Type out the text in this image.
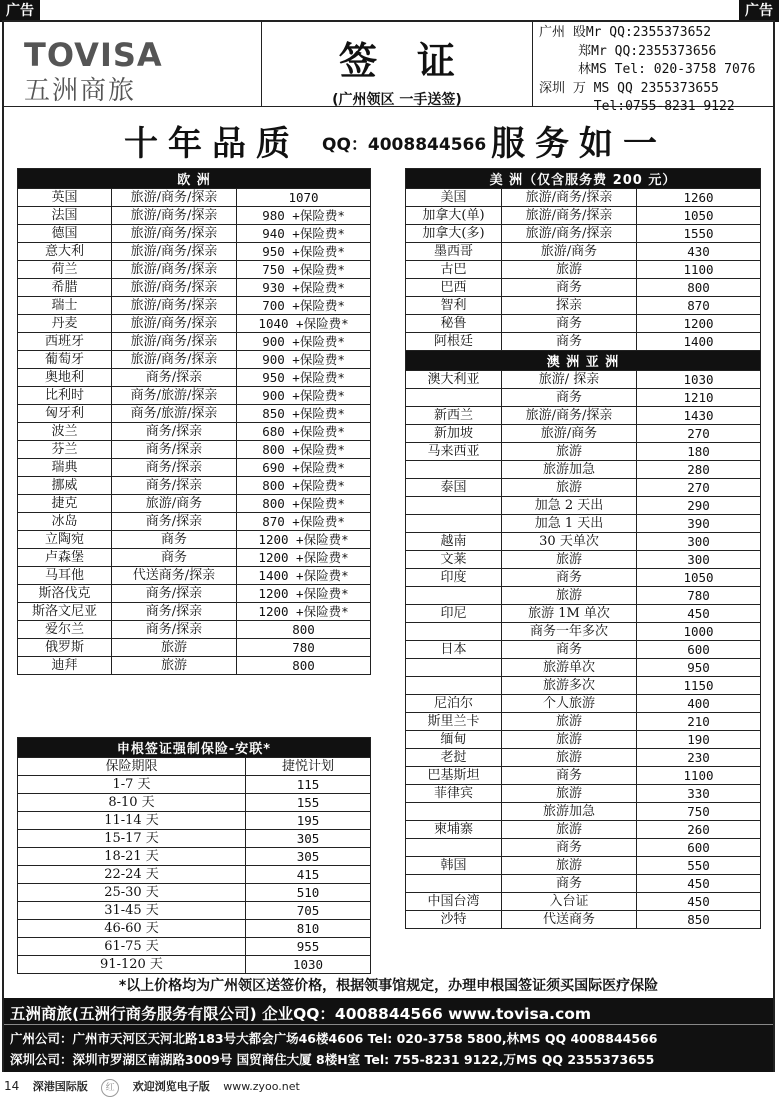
广告	广告
TOVISA
五洲商旅
签证
(广州领区 一手送签)
广州 殴Mr QQ:2355373652
郑Mr QQ:2355373656
林MS Tel: 020-3758 7076
深圳 万 MS QQ 2355373655
Tel:0755-8231 9122
十年品质 QQ：4008844566 服务如一
欧 洲		
英国	旅游/商务/探亲	1070
法国	旅游/商务/探亲	980 +保险费*
德国	旅游/商务/探亲	940 +保险费*
意大利	旅游/商务/探亲	950 +保险费*
荷兰	旅游/商务/探亲	750 +保险费*
希腊	旅游/商务/探亲	930 +保险费*
瑞士	旅游/商务/探亲	700 +保险费*
丹麦	旅游/商务/探亲	1040 +保险费*
西班牙	旅游/商务/探亲	900 +保险费*
葡萄牙	旅游/商务/探亲	900 +保险费*
奥地利	商务/探亲	950 +保险费*
比利时	商务/旅游/探亲	900 +保险费*
匈牙利	商务/旅游/探亲	850 +保险费*
波兰	商务/探亲	680 +保险费*
芬兰	商务/探亲	800 +保险费*
瑞典	商务/探亲	690 +保险费*
挪威	商务/探亲	800 +保险费*
捷克	旅游/商务	800 +保险费*
冰岛	商务/探亲	870 +保险费*
立陶宛	商务	1200 +保险费*
卢森堡	商务	1200 +保险费*
马耳他	代送商务/探亲	1400 +保险费*
斯洛伐克	商务/探亲	1200 +保险费*
斯洛文尼亚	商务/探亲	1200 +保险费*
爱尔兰	商务/探亲	800
俄罗斯	旅游	780
迪拜	旅游	800
申根签证强制保险-安联*	
保险期限	捷悦计划
1-7 天	115
8-10 天	155
11-14 天	195
15-17 天	305
18-21 天	305
22-24 天	415
25-30 天	510
31-45 天	705
46-60 天	810
61-75 天	955
91-120 天	1030
美 洲（仅含服务费 200 元）		
美国	旅游/商务/探亲	1260
加拿大(单)	旅游/商务/探亲	1050
加拿大(多)	旅游/商务/探亲	1550
墨西哥	旅游/商务	430
古巴	旅游	1100
巴西	商务	800
智利	探亲	870
秘鲁	商务	1200
阿根廷	商务	1400
澳 洲 亚 洲		
澳大利亚	旅游/ 探亲	1030
	商务	1210
新西兰	旅游/商务/探亲	1430
新加坡	旅游/商务	270
马来西亚	旅游	180
	旅游加急	280
泰国	旅游	270
	加急 2 天出	290
	加急 1 天出	390
越南	30 天单次	300
文莱	旅游	300
印度	商务	1050
	旅游	780
印尼	旅游 1M 单次	450
	商务一年多次	1000
日本	商务	600
	旅游单次	950
	旅游多次	1150
尼泊尔	个人旅游	400
斯里兰卡	旅游	210
缅甸	旅游	190
老挝	旅游	230
巴基斯坦	商务	1100
菲律宾	旅游	330
	旅游加急	750
柬埔寨	旅游	260
	商务	600
韩国	旅游	550
	商务	450
中国台湾	入台证	450
沙特	代送商务	850
*以上价格均为广州领区送签价格，根据领事馆规定，办理申根国签证须买国际医疗保险
五洲商旅(五洲行商务服务有限公司) 企业QQ：4008844566 www.tovisa.com
广州公司：广州市天河区天河北路183号大都会广场46楼4606 Tel: 020-3758 5800,林MS QQ 4008844566
深圳公司：深圳市罗湖区南湖路3009号 国贸商住大厦 8楼H室 Tel: 755-8231 9122,万MS QQ 2355373655
14 深港国际版 红 欢迎浏览电子版 www.zyoo.net
